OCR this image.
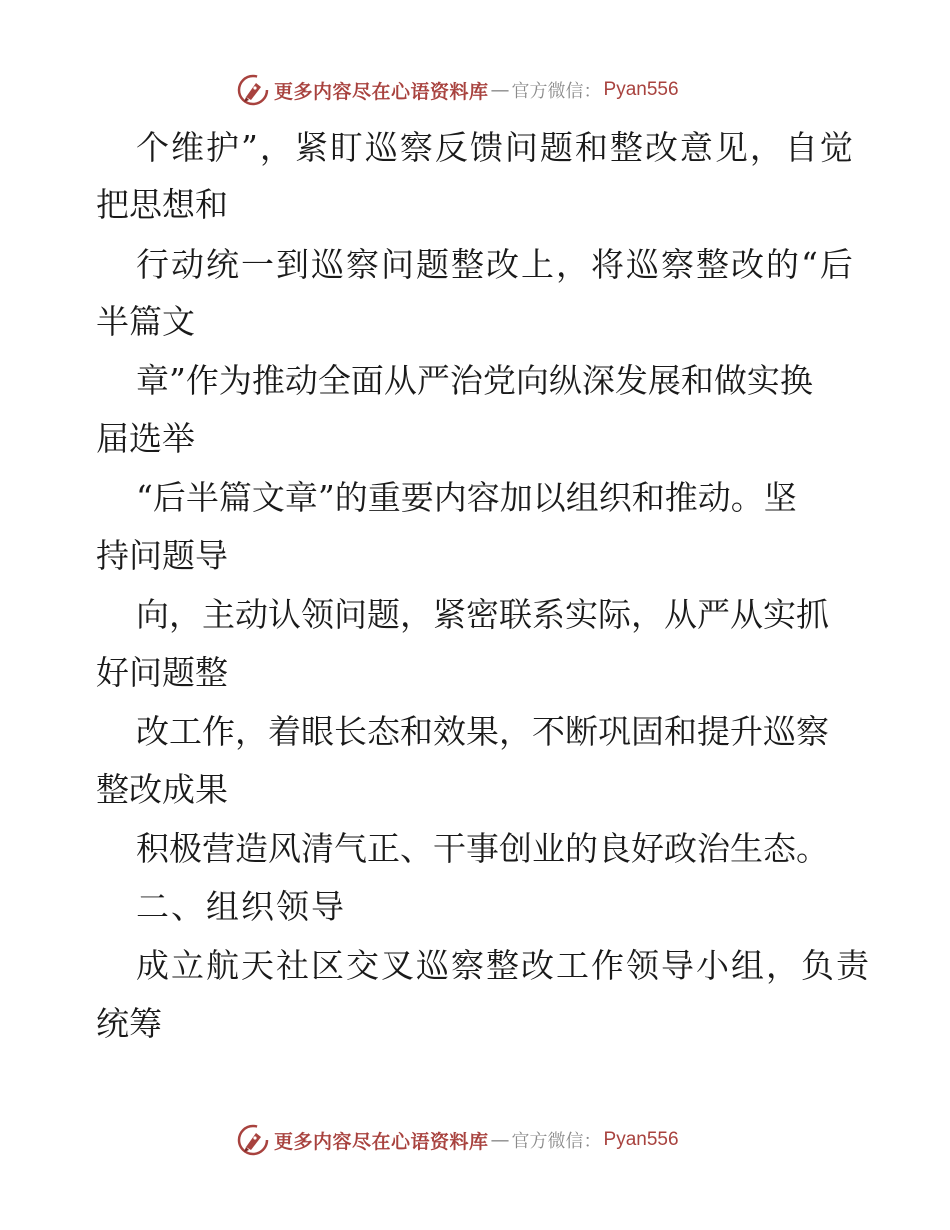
更多内容尽在心语资料库 — 官方微信： Pyan556
个维护”，紧盯巡察反馈问题和整改意见，自觉
把思想和
行动统一到巡察问题整改上，将巡察整改的“后
半篇文
章”作为推动全面从严治党向纵深发展和做实换
届选举
“后半篇文章”的重要内容加以组织和推动。坚
持问题导
向，主动认领问题，紧密联系实际，从严从实抓
好问题整
改工作，着眼长态和效果，不断巩固和提升巡察
整改成果
积极营造风清气正、干事创业的良好政治生态。
二、组织领导
成立航天社区交叉巡察整改工作领导小组，负责
统筹
更多内容尽在心语资料库 — 官方微信： Pyan556
